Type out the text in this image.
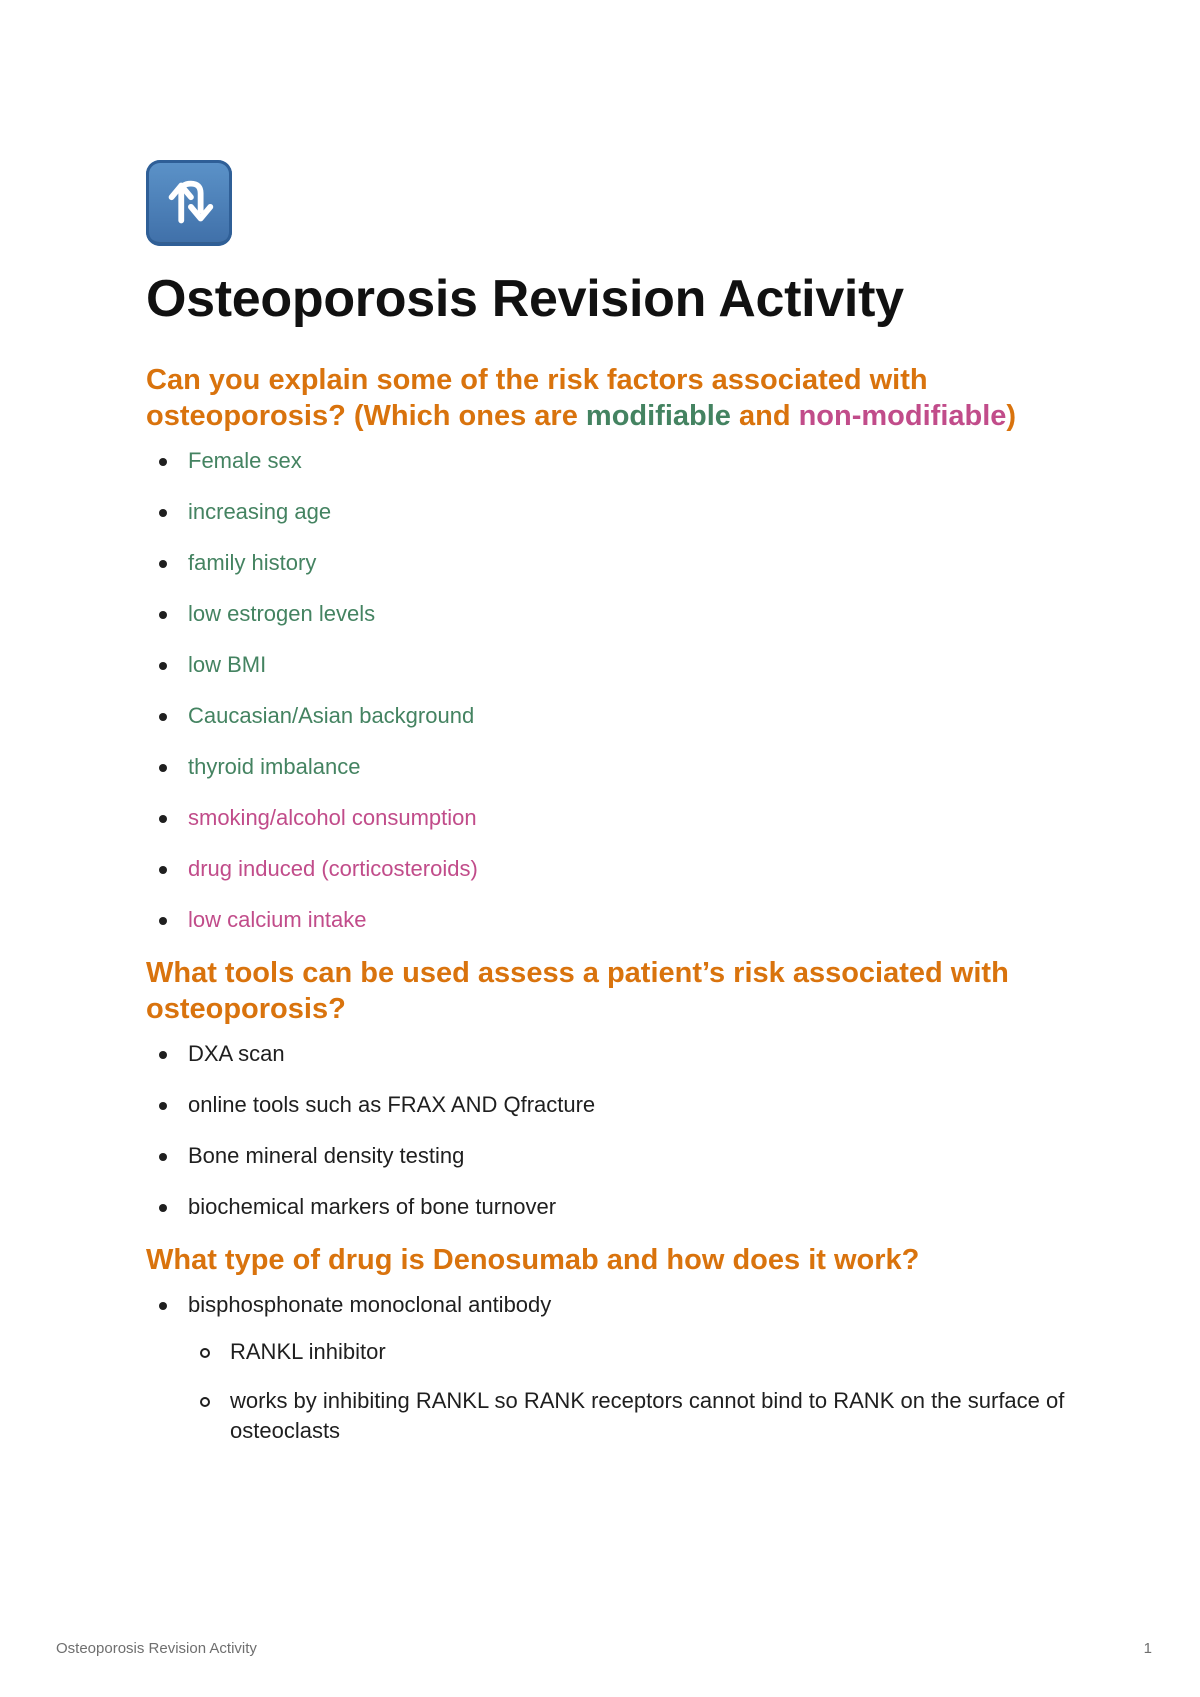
Osteoporosis Revision Activity
Can you explain some of the risk factors associated with osteoporosis? (Which ones are modifiable and non-modifiable)
Female sex
increasing age
family history
low estrogen levels
low BMI
Caucasian/Asian background
thyroid imbalance
smoking/alcohol consumption
drug induced (corticosteroids)
low calcium intake
What tools can be used assess a patient’s risk associated with osteoporosis?
DXA scan
online tools such as FRAX AND Qfracture
Bone mineral density testing
biochemical markers of bone turnover
What type of drug is Denosumab and how does it work?
bisphosphonate monoclonal antibody
RANKL inhibitor
works by inhibiting RANKL so RANK receptors cannot bind to RANK on the surface of osteoclasts
Osteoporosis Revision Activity	1
